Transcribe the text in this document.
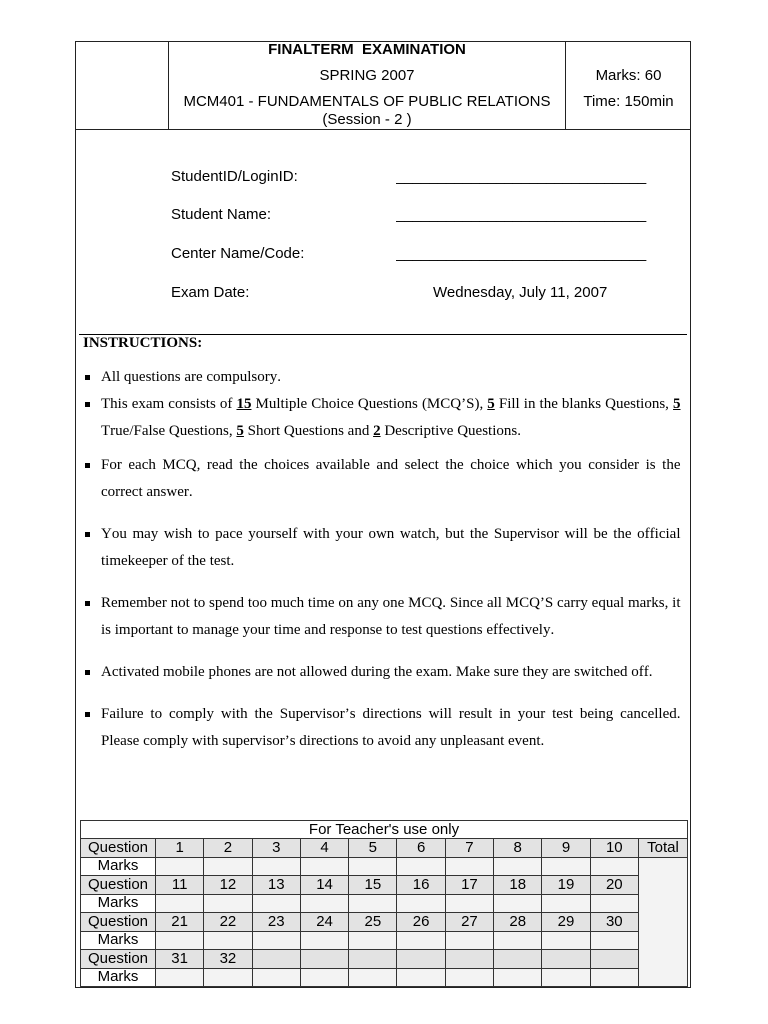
FINALTERM  EXAMINATION
SPRING 2007
MCM401 - FUNDAMENTALS OF PUBLIC RELATIONS
(Session - 2 )
Marks: 60
Time: 150min
StudentID/LoginID:	______________________________
Student Name:	______________________________
Center Name/Code:	______________________________
Exam Date:	Wednesday, July 11, 2007
INSTRUCTIONS:
All questions are compulsory.
This exam consists of 15 Multiple Choice Questions (MCQ’S), 5 Fill in the blanks Questions, 5 True/False Questions, 5 Short Questions and 2 Descriptive Questions.
For each MCQ, read the choices available and select the choice which you consider is the correct answer.
You may wish to pace yourself with your own watch, but the Supervisor will be the official timekeeper of the test.
Remember not to spend too much time on any one MCQ. Since all MCQ’S carry equal marks, it is important to manage your time and response to test questions effectively.
Activated mobile phones are not allowed during the exam. Make sure they are switched off.
Failure to comply with the Supervisor’s directions will result in your test being cancelled. Please comply with supervisor’s directions to avoid any unpleasant event.
For Teacher's use only											
Question	1	2	3	4	5	6	7	8	9	10	Total
Marks											
Question	11	12	13	14	15	16	17	18	19	20	
Marks											
Question	21	22	23	24	25	26	27	28	29	30	
Marks											
Question	31	32									
Marks											
